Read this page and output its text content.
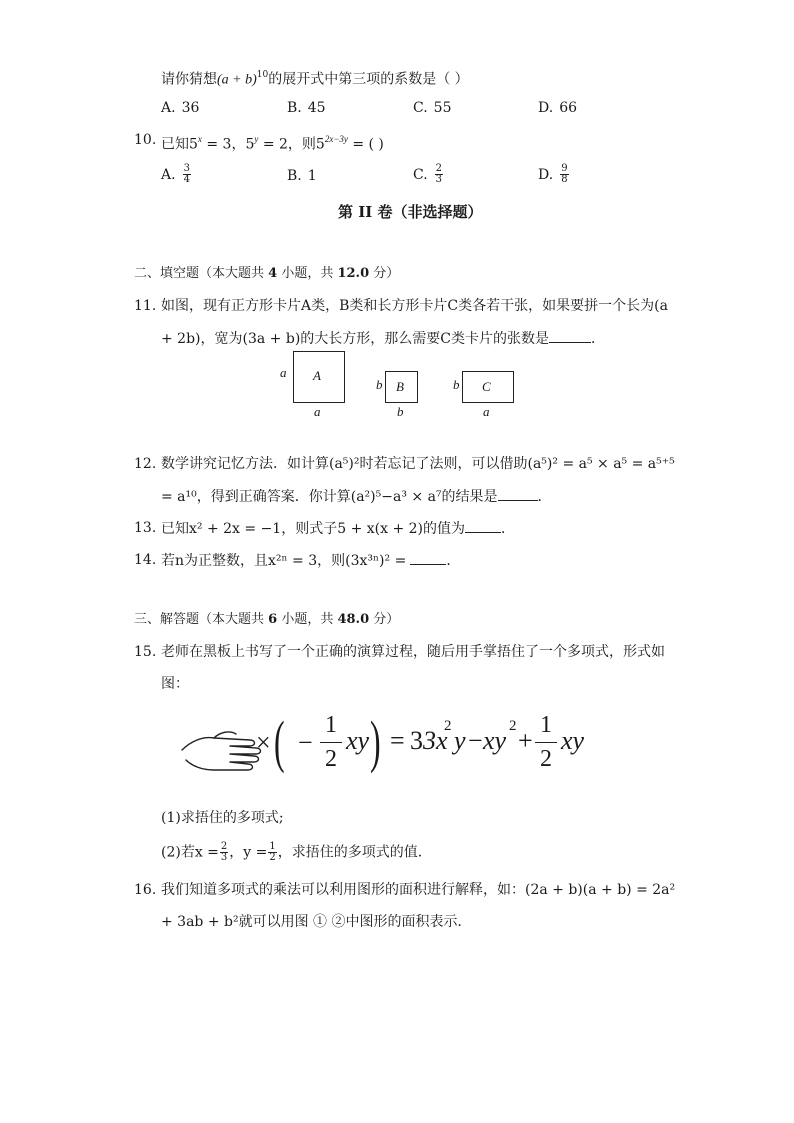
请你猜想$(a + b)^{10}$的展开式中第三项的系数是（ ）
A. 36	B. 45	C. 55	D. 66
10. 已知$5^x = 3$，$5^y = 2$，则$5^{2x-3y}$ = ( )
A. $\frac{3}{4}$	B. 1	C. $\frac{2}{3}$	D. $\frac{9}{8}$
第 II 卷（非选择题）
二、填空题（本大题共 4 小题，共 12.0 分）
11. 如图，现有正方形卡片A类，B类和长方形卡片C类各若干张，如果要拼一个长为(a
+ 2b)，宽为(3a + b)的大长方形，那么需要C类卡片的张数是	．
a A
a
b B
b
b C
a
12. 数学讲究记忆方法．如计算(a⁵)²时若忘记了法则，可以借助(a⁵)² = a⁵ × a⁵ = a⁵⁺⁵
= a¹⁰，得到正确答案．你计算(a²)⁵−a³ × a⁷的结果是	．
13. 已知x² + 2x = −1，则式子5 + x(x + 2)的值为	．
14. 若n为正整数，且x²ⁿ = 3，则(3x³ⁿ)² =	．
三、解答题（本大题共 6 小题，共 48.0 分）
15. 老师在黑板上书写了一个正确的演算过程，随后用手掌捂住了一个多项式，形式如
图：
× ( −
1
2
xy ) = 33x
2 y − xy 2 +
1
2
xy
(1)求捂住的多项式;
(2)若$x = \frac{2}{3}$ ，$y = \frac{1}{2}$ ，求捂住的多项式的值．
16. 我们知道多项式的乘法可以利用图形的面积进行解释，如：(2a + b)(a + b) = 2a²
+ 3ab + b²就可以用图 ① ②中图形的面积表示．
